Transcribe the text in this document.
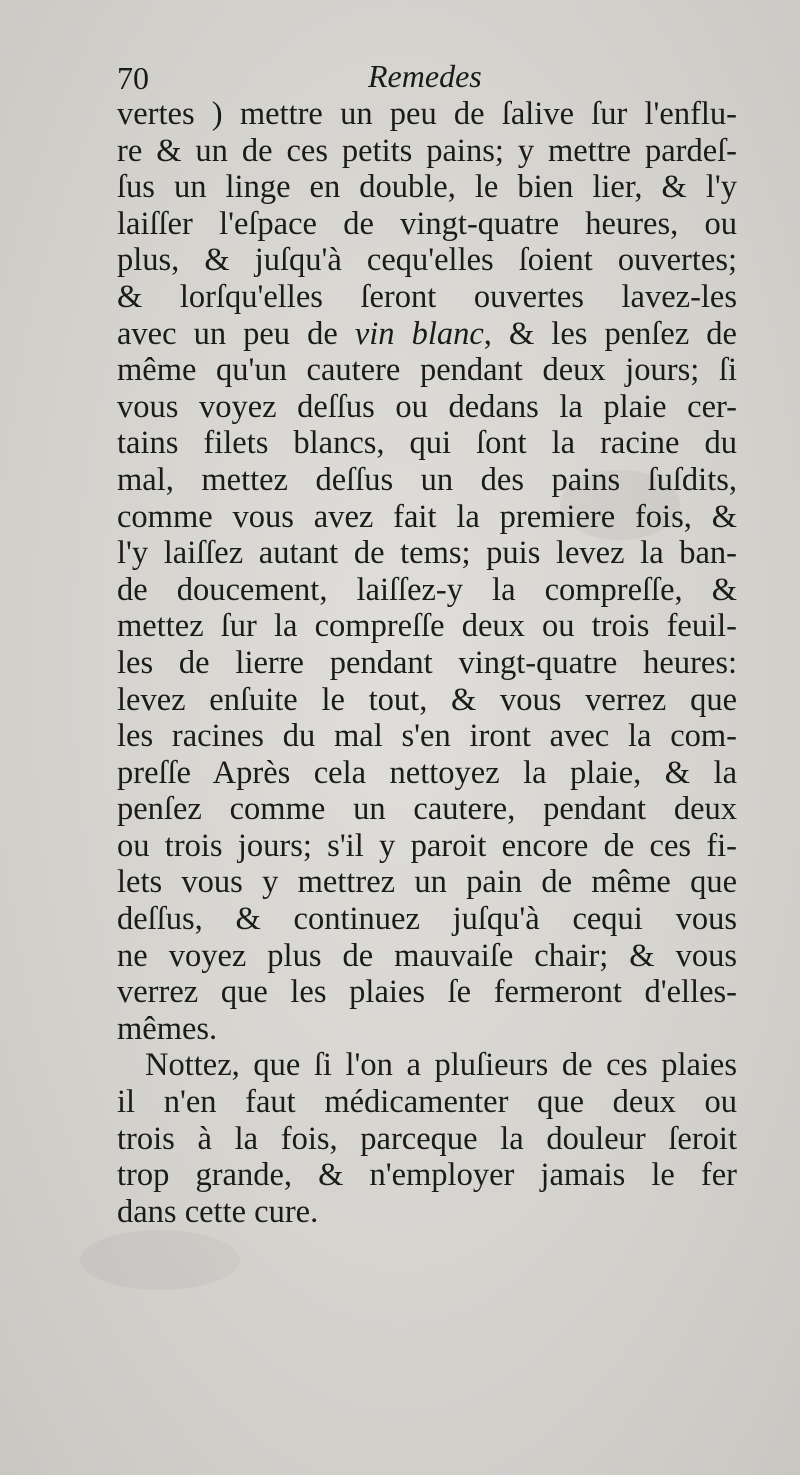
70	Remedes
vertes ) mettre un peu de ſalive ſur l'enflu-
re & un de ces petits pains; y mettre pardeſ-
ſus un linge en double, le bien lier, & l'y
laiſſer l'eſpace de vingt-quatre heures, ou
plus, & juſqu'à cequ'elles ſoient ouvertes;
& lorſqu'elles ſeront ouvertes lavez-les
avec un peu de vin blanc, & les penſez de
même qu'un cautere pendant deux jours; ſi
vous voyez deſſus ou dedans la plaie cer-
tains filets blancs, qui ſont la racine du
mal, mettez deſſus un des pains ſuſdits,
comme vous avez fait la premiere fois, &
l'y laiſſez autant de tems; puis levez la ban-
de doucement, laiſſez-y la compreſſe, &
mettez ſur la compreſſe deux ou trois feuil-
les de lierre pendant vingt-quatre heures:
levez enſuite le tout, & vous verrez que
les racines du mal s'en iront avec la com-
preſſe Après cela nettoyez la plaie, & la
penſez comme un cautere, pendant deux
ou trois jours; s'il y paroit encore de ces fi-
lets vous y mettrez un pain de même que
deſſus, & continuez juſqu'à cequi vous
ne voyez plus de mauvaiſe chair; & vous
verrez que les plaies ſe fermeront d'elles-
mêmes.
Nottez, que ſi l'on a pluſieurs de ces plaies
il n'en faut médicamenter que deux ou
trois à la fois, parceque la douleur ſeroit
trop grande, & n'employer jamais le fer
dans cette cure.
